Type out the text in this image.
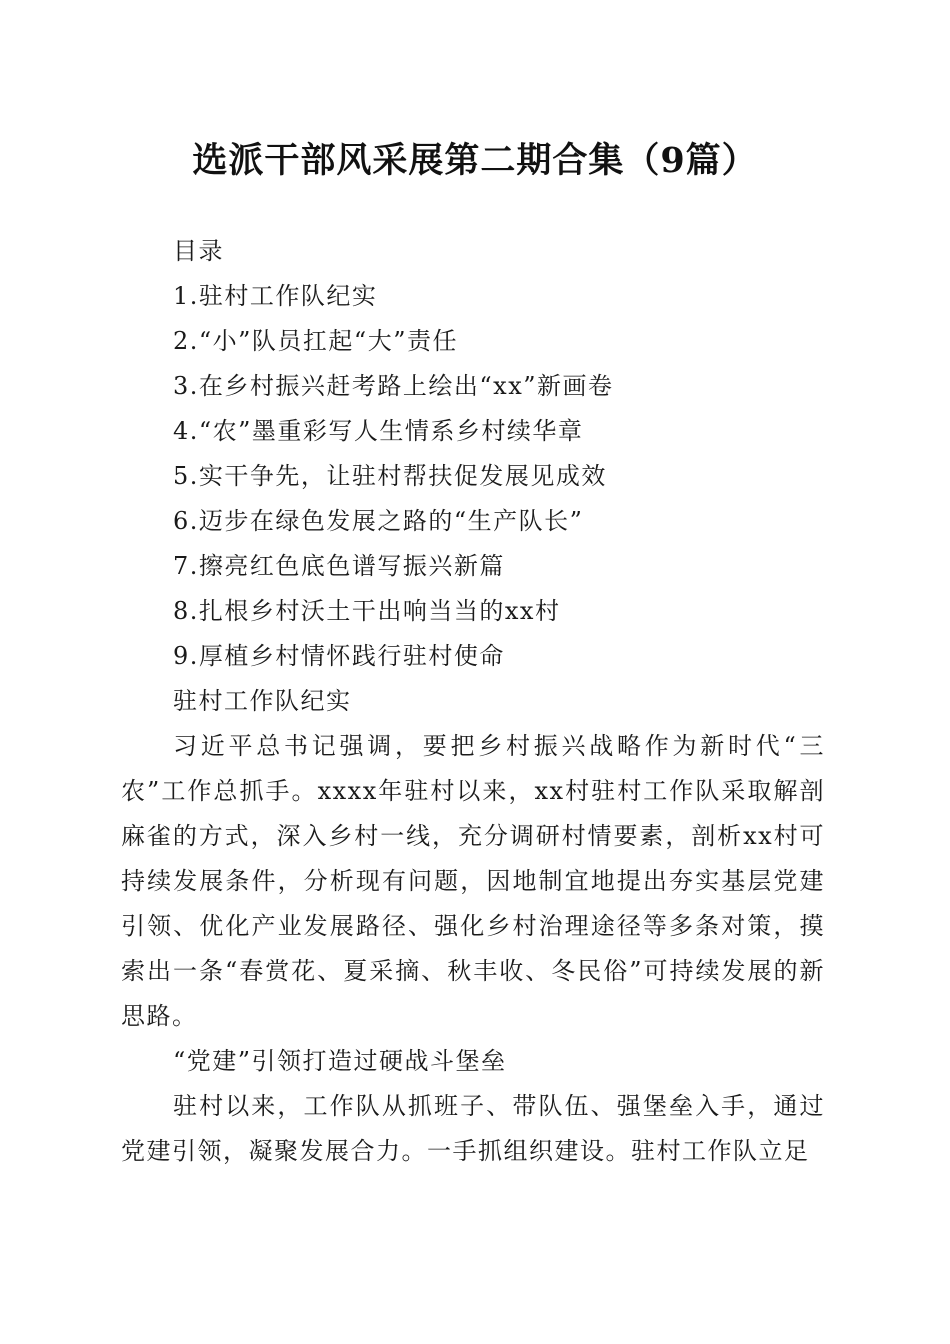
选派干部风采展第二期合集（9篇）
目录
1.驻村工作队纪实
2.“小”队员扛起“大”责任
3.在乡村振兴赶考路上绘出“xx”新画卷
4.“农”墨重彩写人生情系乡村续华章
5.实干争先，让驻村帮扶促发展见成效
6.迈步在绿色发展之路的“生产队长”
7.擦亮红色底色谱写振兴新篇
8.扎根乡村沃土干出响当当的xx村
9.厚植乡村情怀践行驻村使命
驻村工作队纪实
习近平总书记强调，要把乡村振兴战略作为新时代“三农”工作总抓手。xxxx年驻村以来，xx村驻村工作队采取解剖麻雀的方式，深入乡村一线，充分调研村情要素，剖析xx村可持续发展条件，分析现有问题，因地制宜地提出夯实基层党建引领、优化产业发展路径、强化乡村治理途径等多条对策，摸索出一条“春赏花、夏采摘、秋丰收、冬民俗”可持续发展的新思路。
“党建”引领打造过硬战斗堡垒
驻村以来，工作队从抓班子、带队伍、强堡垒入手，通过党建引领，凝聚发展合力。一手抓组织建设。驻村工作队立足
